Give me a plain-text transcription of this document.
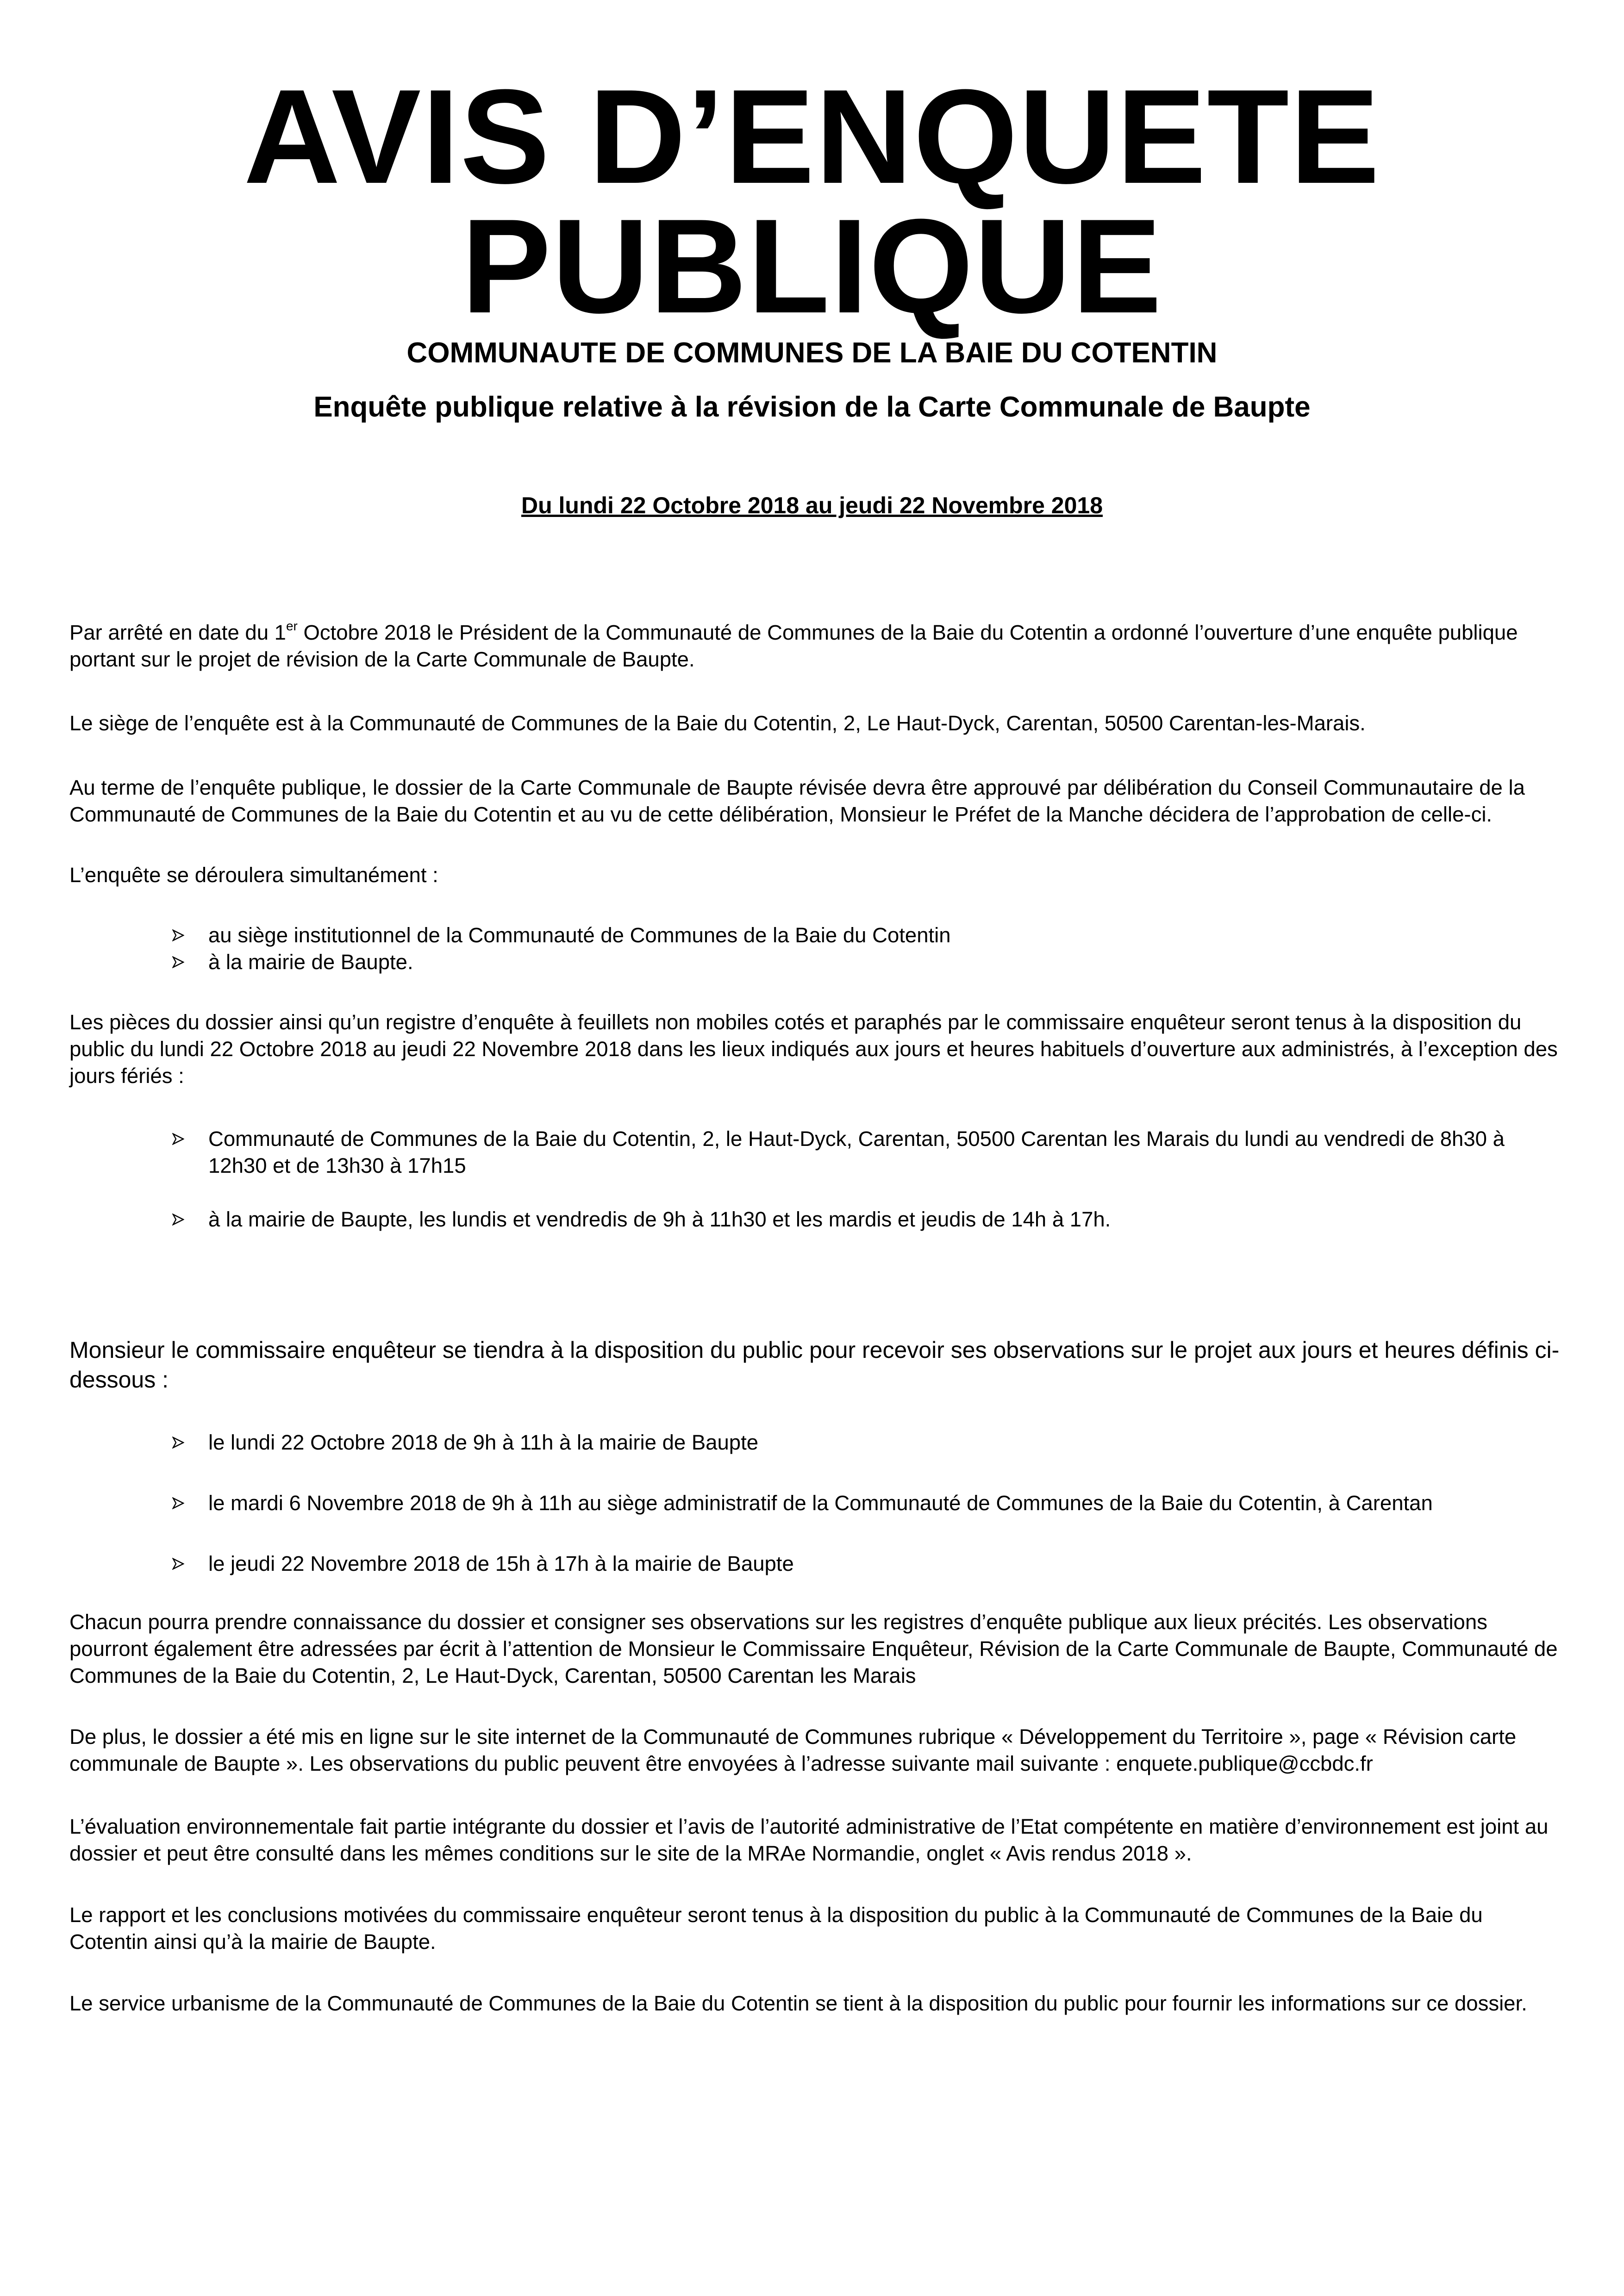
AVIS D’ENQUETE
PUBLIQUE
COMMUNAUTE DE COMMUNES DE LA BAIE DU COTENTIN
Enquête publique relative à la révision de la Carte Communale de Baupte
Du lundi 22 Octobre 2018 au jeudi 22 Novembre 2018

Par arrêté en date du 1er Octobre 2018 le Président de la Communauté de Communes de la Baie du Cotentin a ordonné l’ouverture d’une enquête publique
portant sur le projet de révision de la Carte Communale de Baupte.

Le siège de l’enquête est à la Communauté de Communes de la Baie du Cotentin, 2, Le Haut-Dyck, Carentan, 50500 Carentan-les-Marais.

Au terme de l’enquête publique, le dossier de la Carte Communale de Baupte révisée devra être approuvé par délibération du Conseil Communautaire de la Communauté de Communes de la Baie du Cotentin et au vu de cette délibération, Monsieur le Préfet de la Manche décidera de l’approbation de celle-ci.

L’enquête se déroulera simultanément :

au siège institutionnel de la Communauté de Communes de la Baie du Cotentin
à la mairie de Baupte.

Les pièces du dossier ainsi qu’un registre d’enquête à feuillets non mobiles cotés et paraphés par le commissaire enquêteur seront tenus à la disposition du public du lundi 22 Octobre 2018 au jeudi 22 Novembre 2018 dans les lieux indiqués aux jours et heures habituels d’ouverture aux administrés, à l’exception des jours fériés :

Communauté de Communes de la Baie du Cotentin, 2, le Haut-Dyck, Carentan, 50500 Carentan les Marais du lundi au vendredi de 8h30 à 12h30 et de 13h30 à 17h15
à la mairie de Baupte, les lundis et vendredis de 9h à 11h30 et les mardis et jeudis de 14h à 17h.

Monsieur le commissaire enquêteur se tiendra à la disposition du public pour recevoir ses observations sur le projet aux jours et heures définis ci-dessous :

le lundi 22 Octobre 2018 de 9h à 11h à la mairie de Baupte
le mardi 6 Novembre 2018 de 9h à 11h au siège administratif de la Communauté de Communes de la Baie du Cotentin, à Carentan
le jeudi 22 Novembre 2018 de 15h à 17h à la mairie de Baupte

Chacun pourra prendre connaissance du dossier et consigner ses observations sur les registres d’enquête publique aux lieux précités. Les observations pourront également être adressées par écrit à l’attention de Monsieur le Commissaire Enquêteur, Révision de la Carte Communale de Baupte, Communauté de Communes de la Baie du Cotentin, 2, Le Haut-Dyck, Carentan, 50500 Carentan les Marais

De plus, le dossier a été mis en ligne sur le site internet de la Communauté de Communes rubrique « Développement du Territoire », page « Révision carte communale de Baupte ». Les observations du public peuvent être envoyées à l’adresse suivante mail suivante : enquete.publique@ccbdc.fr

L’évaluation environnementale fait partie intégrante du dossier et l’avis de l’autorité administrative de l’Etat compétente en matière d’environnement est joint au dossier et peut être consulté dans les mêmes conditions sur le site de la MRAe Normandie, onglet « Avis rendus 2018 ».

Le rapport et les conclusions motivées du commissaire enquêteur seront tenus à la disposition du public à la Communauté de Communes de la Baie du Cotentin ainsi qu’à la mairie de Baupte.

Le service urbanisme de la Communauté de Communes de la Baie du Cotentin se tient à la disposition du public pour fournir les informations sur ce dossier.
